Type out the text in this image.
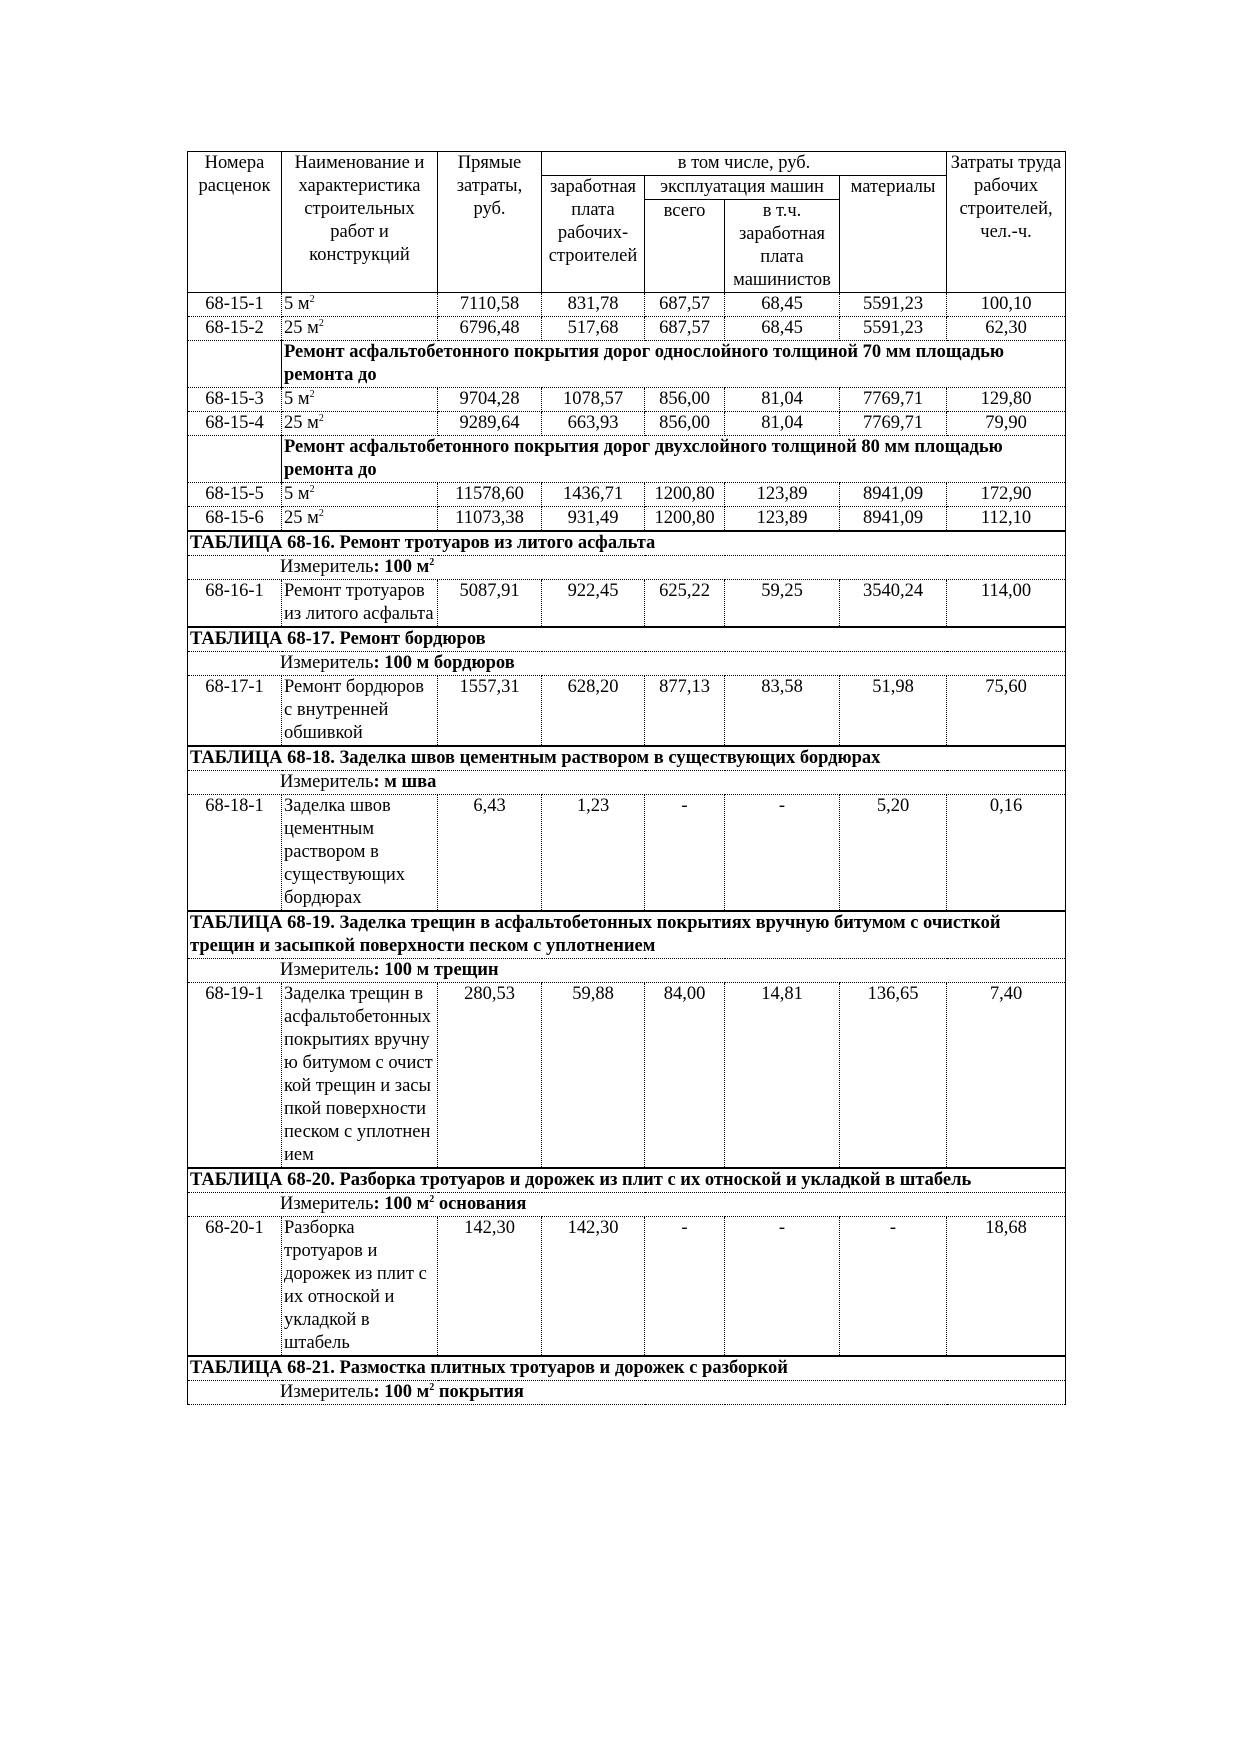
Номера расценок	Наименование и характеристика строительных работ и конструкций	Прямые затраты, руб.	в том числе, руб.				Затраты труда рабочих строителей, чел.-ч.
			заработная плата рабочих-строителей	эксплуатация машин		материалы	
				всего	в т.ч. заработная плата машинистов		
68-15-1	5 $м^2$	7110,58	831,78	687,57	68,45	5591,23	100,10
68-15-2	25 $м^2$	6796,48	517,68	687,57	68,45	5591,23	62,30
	Ремонт асфальтобетонного покрытия дорог однослойного толщиной 70 мм площадью ремонта до						
68-15-3	5 $м^2$	9704,28	1078,57	856,00	81,04	7769,71	129,80
68-15-4	25 $м^2$	9289,64	663,93	856,00	81,04	7769,71	79,90
	Ремонт асфальтобетонного покрытия дорог двухслойного толщиной 80 мм площадью ремонта до						
68-15-5	5 $м^2$	11578,60	1436,71	1200,80	123,89	8941,09	172,90
68-15-6	25 $м^2$	11073,38	931,49	1200,80	123,89	8941,09	112,10
ТАБЛИЦА 68-16. Ремонт тротуаров из литого асфальта							
Измеритель: 100 $м^2$
68-16-1	Ремонт тротуаров из литого асфальта	5087,91	922,45	625,22	59,25	3540,24	114,00
ТАБЛИЦА 68-17. Ремонт бордюров							
Измеритель: 100 м бордюров							
68-17-1	Ремонт бордюров с внутренней обшивкой	1557,31	628,20	877,13	83,58	51,98	75,60
ТАБЛИЦА 68-18. Заделка швов цементным раствором в существующих бордюрах							
Измеритель: м шва							
68-18-1	Заделка швов цементным раствором в существующих бордюрах	6,43	1,23	-	-	5,20	0,16
ТАБЛИЦА 68-19. Заделка трещин в асфальтобетонных покрытиях вручную битумом с очисткой трещин и засыпкой поверхности песком с уплотнением							
Измеритель: 100 м трещин							
68-19-1	Заделка трещин в асфальтобетонных покрытиях вручную битумом с очисткой трещин и засыпкой поверхности песком с уплотнением	280,53	59,88	84,00	14,81	136,65	7,40
ТАБЛИЦА 68-20. Разборка тротуаров и дорожек из плит с их отноской и укладкой в штабель							
Измеритель: 100 $м^2$ основания							
68-20-1	Разборка тротуаров и дорожек из плит с их отноской и укладкой в штабель	142,30	142,30	-	-	-	18,68
ТАБЛИЦА 68-21. Размостка плитных тротуаров и дорожек с разборкой							
Измеритель: 100 $м^2$ покрытия							
